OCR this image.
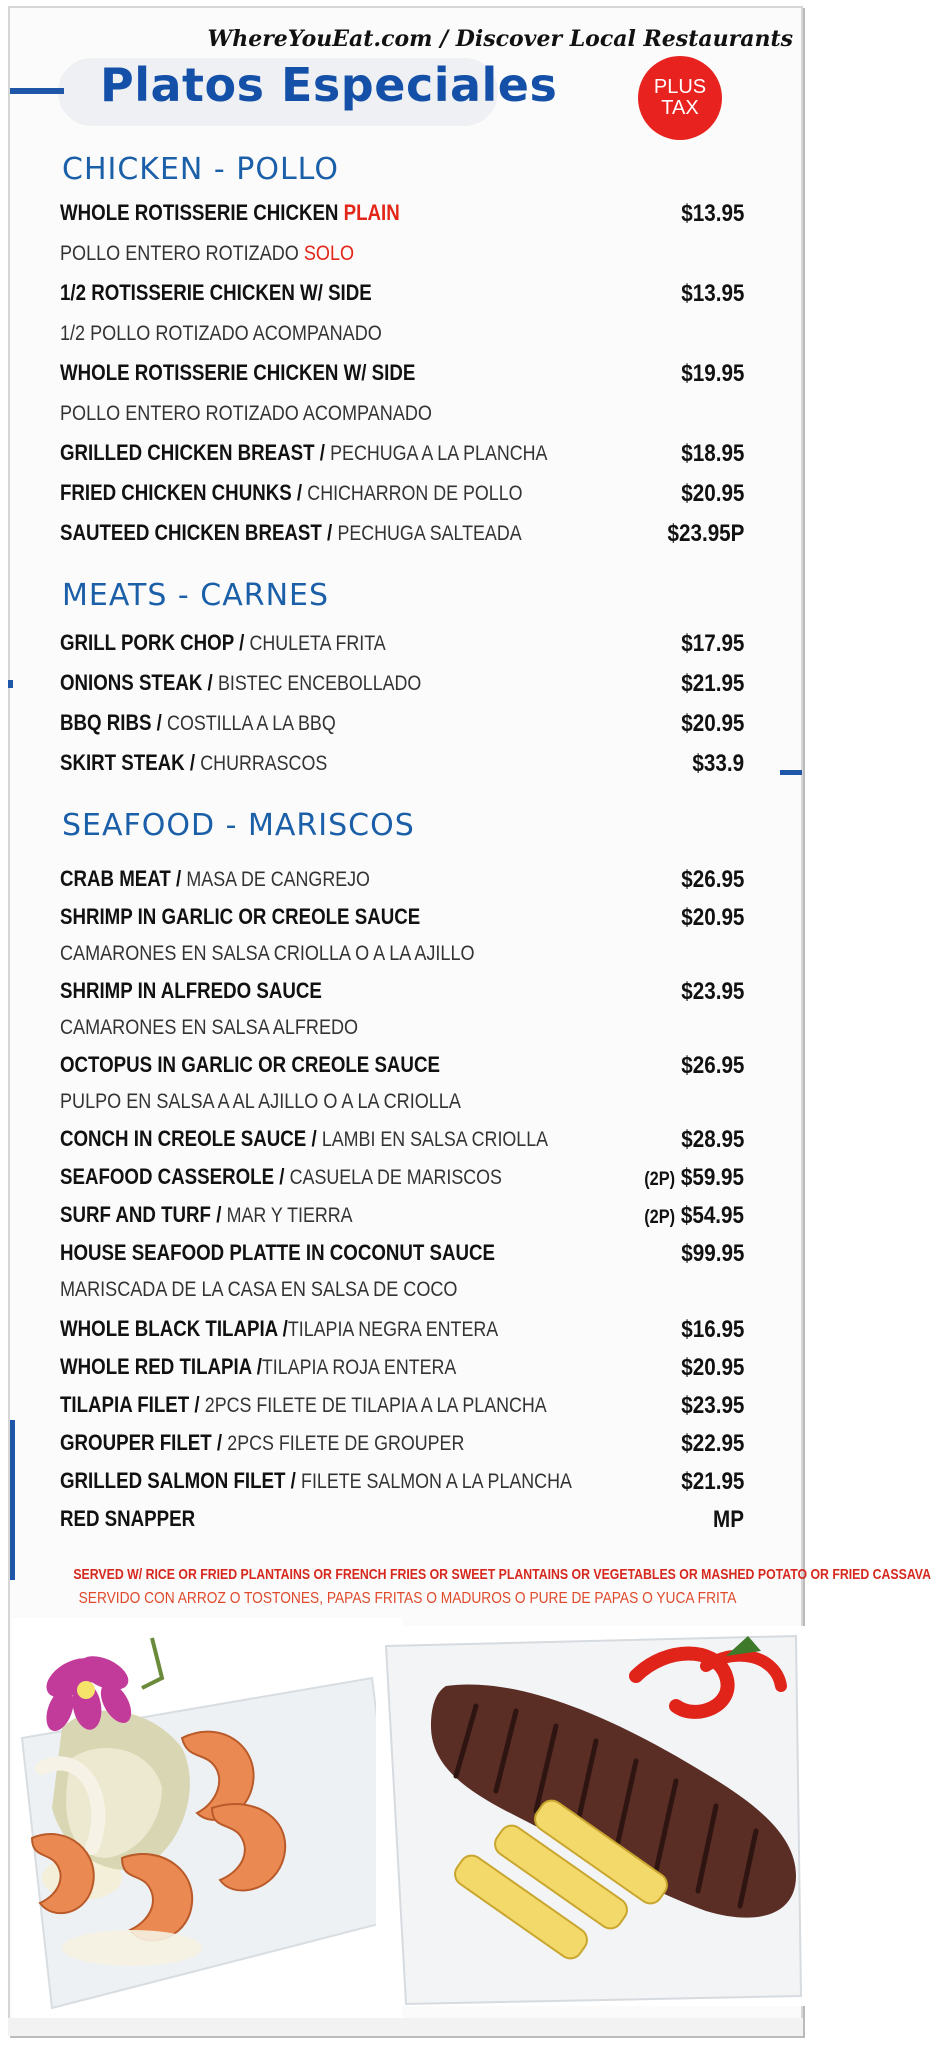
WhereYouEat.com / Discover Local Restaurants
Platos Especiales	PLUS
TAX
CHICKEN - POLLO
WHOLE ROTISSERIE CHICKEN PLAIN	$13.95
POLLO ENTERO ROTIZADO SOLO
1/2 ROTISSERIE CHICKEN W/ SIDE	$13.95
1/2 POLLO ROTIZADO ACOMPANADO
WHOLE ROTISSERIE CHICKEN W/ SIDE	$19.95
POLLO ENTERO ROTIZADO ACOMPANADO
GRILLED CHICKEN BREAST / PECHUGA A LA PLANCHA	$18.95
FRIED CHICKEN CHUNKS / CHICHARRON DE POLLO	$20.95
SAUTEED CHICKEN BREAST / PECHUGA SALTEADA	$23.95P
MEATS - CARNES
GRILL PORK CHOP / CHULETA FRITA	$17.95
ONIONS STEAK / BISTEC ENCEBOLLADO	$21.95
BBQ RIBS / COSTILLA A LA BBQ	$20.95
SKIRT STEAK / CHURRASCOS	$33.9
SEAFOOD - MARISCOS
CRAB MEAT / MASA DE CANGREJO	$26.95
SHRIMP IN GARLIC OR CREOLE SAUCE	$20.95
CAMARONES EN SALSA CRIOLLA O A LA AJILLO
SHRIMP IN ALFREDO SAUCE	$23.95
CAMARONES EN SALSA ALFREDO
OCTOPUS IN GARLIC OR CREOLE SAUCE	$26.95
PULPO EN SALSA A AL AJILLO O A LA CRIOLLA
CONCH IN CREOLE SAUCE / LAMBI EN SALSA CRIOLLA	$28.95
SEAFOOD CASSEROLE / CASUELA DE MARISCOS	(2P) $59.95
SURF AND TURF / MAR Y TIERRA	(2P) $54.95
HOUSE SEAFOOD PLATTE IN COCONUT SAUCE	$99.95
MARISCADA DE LA CASA EN SALSA DE COCO
WHOLE BLACK TILAPIA /TILAPIA NEGRA ENTERA	$16.95
WHOLE RED TILAPIA /TILAPIA ROJA ENTERA	$20.95
TILAPIA FILET / 2PCS FILETE DE TILAPIA A LA PLANCHA	$23.95
GROUPER FILET / 2PCS FILETE DE GROUPER	$22.95
GRILLED SALMON FILET / FILETE SALMON A LA PLANCHA	$21.95
RED SNAPPER	MP
SERVED W/ RICE OR FRIED PLANTAINS OR FRENCH FRIES OR SWEET PLANTAINS OR VEGETABLES OR MASHED POTATO OR FRIED CASSAVA
SERVIDO CON ARROZ O TOSTONES, PAPAS FRITAS O MADUROS O PURE DE PAPAS O YUCA FRITA
